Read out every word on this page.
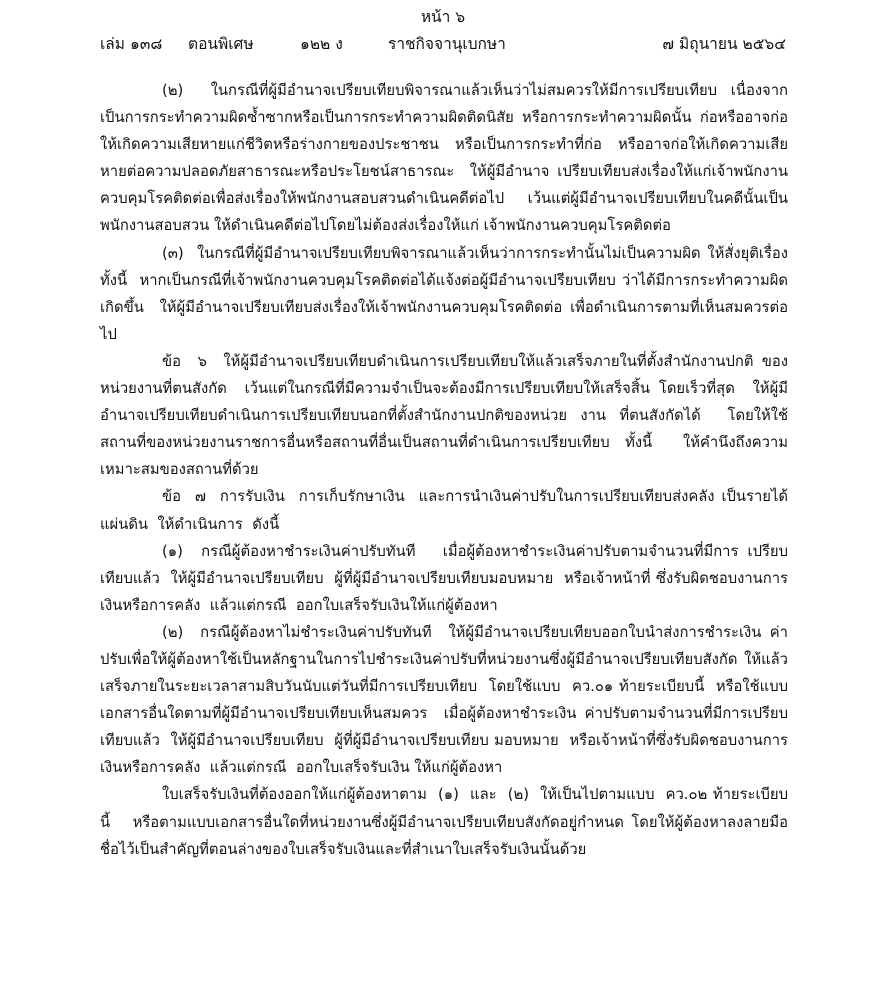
หน้า ๖
เล่ม ๑๓๘ ตอนพิเศษ	๑๒๒ ง	ราชกิจจานุเบกษา	๗ มิถุนายน ๒๕๖๔

(๒)  ในกรณีที่ผู้มีอำนาจเปรียบเทียบพิจารณาแล้วเห็นว่าไม่สมควรให้มีการเปรียบเทียบ เนื่องจากเป็นการกระทำความผิดซ้ำซากหรือเป็นการกระทำความผิดติดนิสัย หรือการกระทำความผิดนั้น ก่อหรืออาจก่อให้เกิดความเสียหายแก่ชีวิตหรือร่างกายของประชาชน หรือเป็นการกระทำที่ก่อ หรืออาจก่อให้เกิดความเสียหายต่อความปลอดภัยสาธารณะหรือประโยชน์สาธารณะ  ให้ผู้มีอำนาจ เปรียบเทียบส่งเรื่องให้แก่เจ้าพนักงานควบคุมโรคติดต่อเพื่อส่งเรื่องให้พนักงานสอบสวนดำเนินคดีต่อไป เว้นแต่ผู้มีอำนาจเปรียบเทียบในคดีนั้นเป็นพนักงานสอบสวน ให้ดำเนินคดีต่อไปโดยไม่ต้องส่งเรื่องให้แก่ เจ้าพนักงานควบคุมโรคติดต่อ

(๓)  ในกรณีที่ผู้มีอำนาจเปรียบเทียบพิจารณาแล้วเห็นว่าการกระทำนั้นไม่เป็นความผิด ให้สั่งยุติเรื่อง  ทั้งนี้  หากเป็นกรณีที่เจ้าพนักงานควบคุมโรคติดต่อได้แจ้งต่อผู้มีอำนาจเปรียบเทียบ ว่าได้มีการกระทำความผิดเกิดขึ้น  ให้ผู้มีอำนาจเปรียบเทียบส่งเรื่องให้เจ้าพนักงานควบคุมโรคติดต่อ เพื่อดำเนินการตามที่เห็นสมควรต่อไป

ข้อ  ๖  ให้ผู้มีอำนาจเปรียบเทียบดำเนินการเปรียบเทียบให้แล้วเสร็จภายในที่ตั้งสำนักงานปกติ ของหน่วยงานที่ตนสังกัด  เว้นแต่ในกรณีที่มีความจำเป็นจะต้องมีการเปรียบเทียบให้เสร็จสิ้น โดยเร็วที่สุด  ให้ผู้มีอำนาจเปรียบเทียบดำเนินการเปรียบเทียบนอกที่ตั้งสำนักงานปกติของหน่วย งาน ที่ตนสังกัดได้  โดยให้ใช้สถานที่ของหน่วยงานราชการอื่นหรือสถานที่อื่นเป็นสถานที่ดำเนินการเปรียบเทียบ ทั้งนี้  ให้คำนึงถึงความเหมาะสมของสถานที่ด้วย

ข้อ  ๗  การรับเงิน  การเก็บรักษาเงิน  และการนำเงินค่าปรับในการเปรียบเทียบส่งคลัง เป็นรายได้แผ่นดิน  ให้ดำเนินการ  ดังนี้

(๑)  กรณีผู้ต้องหาชำระเงินค่าปรับทันที   เมื่อผู้ต้องหาชำระเงินค่าปรับตามจำนวนที่มีการ เปรียบเทียบแล้ว  ให้ผู้มีอำนาจเปรียบเทียบ  ผู้ที่ผู้มีอำนาจเปรียบเทียบมอบหมาย  หรือเจ้าหน้าที่ ซึ่งรับผิดชอบงานการเงินหรือการคลัง  แล้วแต่กรณี  ออกใบเสร็จรับเงินให้แก่ผู้ต้องหา

(๒)  กรณีผู้ต้องหาไม่ชำระเงินค่าปรับทันที  ให้ผู้มีอำนาจเปรียบเทียบออกใบนำส่งการชำระเงิน ค่าปรับเพื่อให้ผู้ต้องหาใช้เป็นหลักฐานในการไปชำระเงินค่าปรับที่หน่วยงานซึ่งผู้มีอำนาจเปรียบเทียบสังกัด ให้แล้วเสร็จภายในระยะเวลาสามสิบวันนับแต่วันที่มีการเปรียบเทียบ  โดยใช้แบบ  คว.๐๑ ท้ายระเบียบนี้  หรือใช้แบบเอกสารอื่นใดตามที่ผู้มีอำนาจเปรียบเทียบเห็นสมควร  เมื่อผู้ต้องหาชำระเงิน ค่าปรับตามจำนวนที่มีการเปรียบเทียบแล้ว  ให้ผู้มีอำนาจเปรียบเทียบ  ผู้ที่ผู้มีอำนาจเปรียบเทียบ มอบหมาย  หรือเจ้าหน้าที่ซึ่งรับผิดชอบงานการเงินหรือการคลัง  แล้วแต่กรณี  ออกใบเสร็จรับเงิน ให้แก่ผู้ต้องหา

ใบเสร็จรับเงินที่ต้องออกให้แก่ผู้ต้องหาตาม  (๑)  และ  (๒)  ให้เป็นไปตามแบบ  คว.๐๒ ท้ายระเบียบนี้   หรือตามแบบเอกสารอื่นใดที่หน่วยงานซึ่งผู้มีอำนาจเปรียบเทียบสังกัดอยู่กำหนด โดยให้ผู้ต้องหาลงลายมือชื่อไว้เป็นสำคัญที่ตอนล่างของใบเสร็จรับเงินและที่สำเนาใบเสร็จรับเงินนั้นด้วย
